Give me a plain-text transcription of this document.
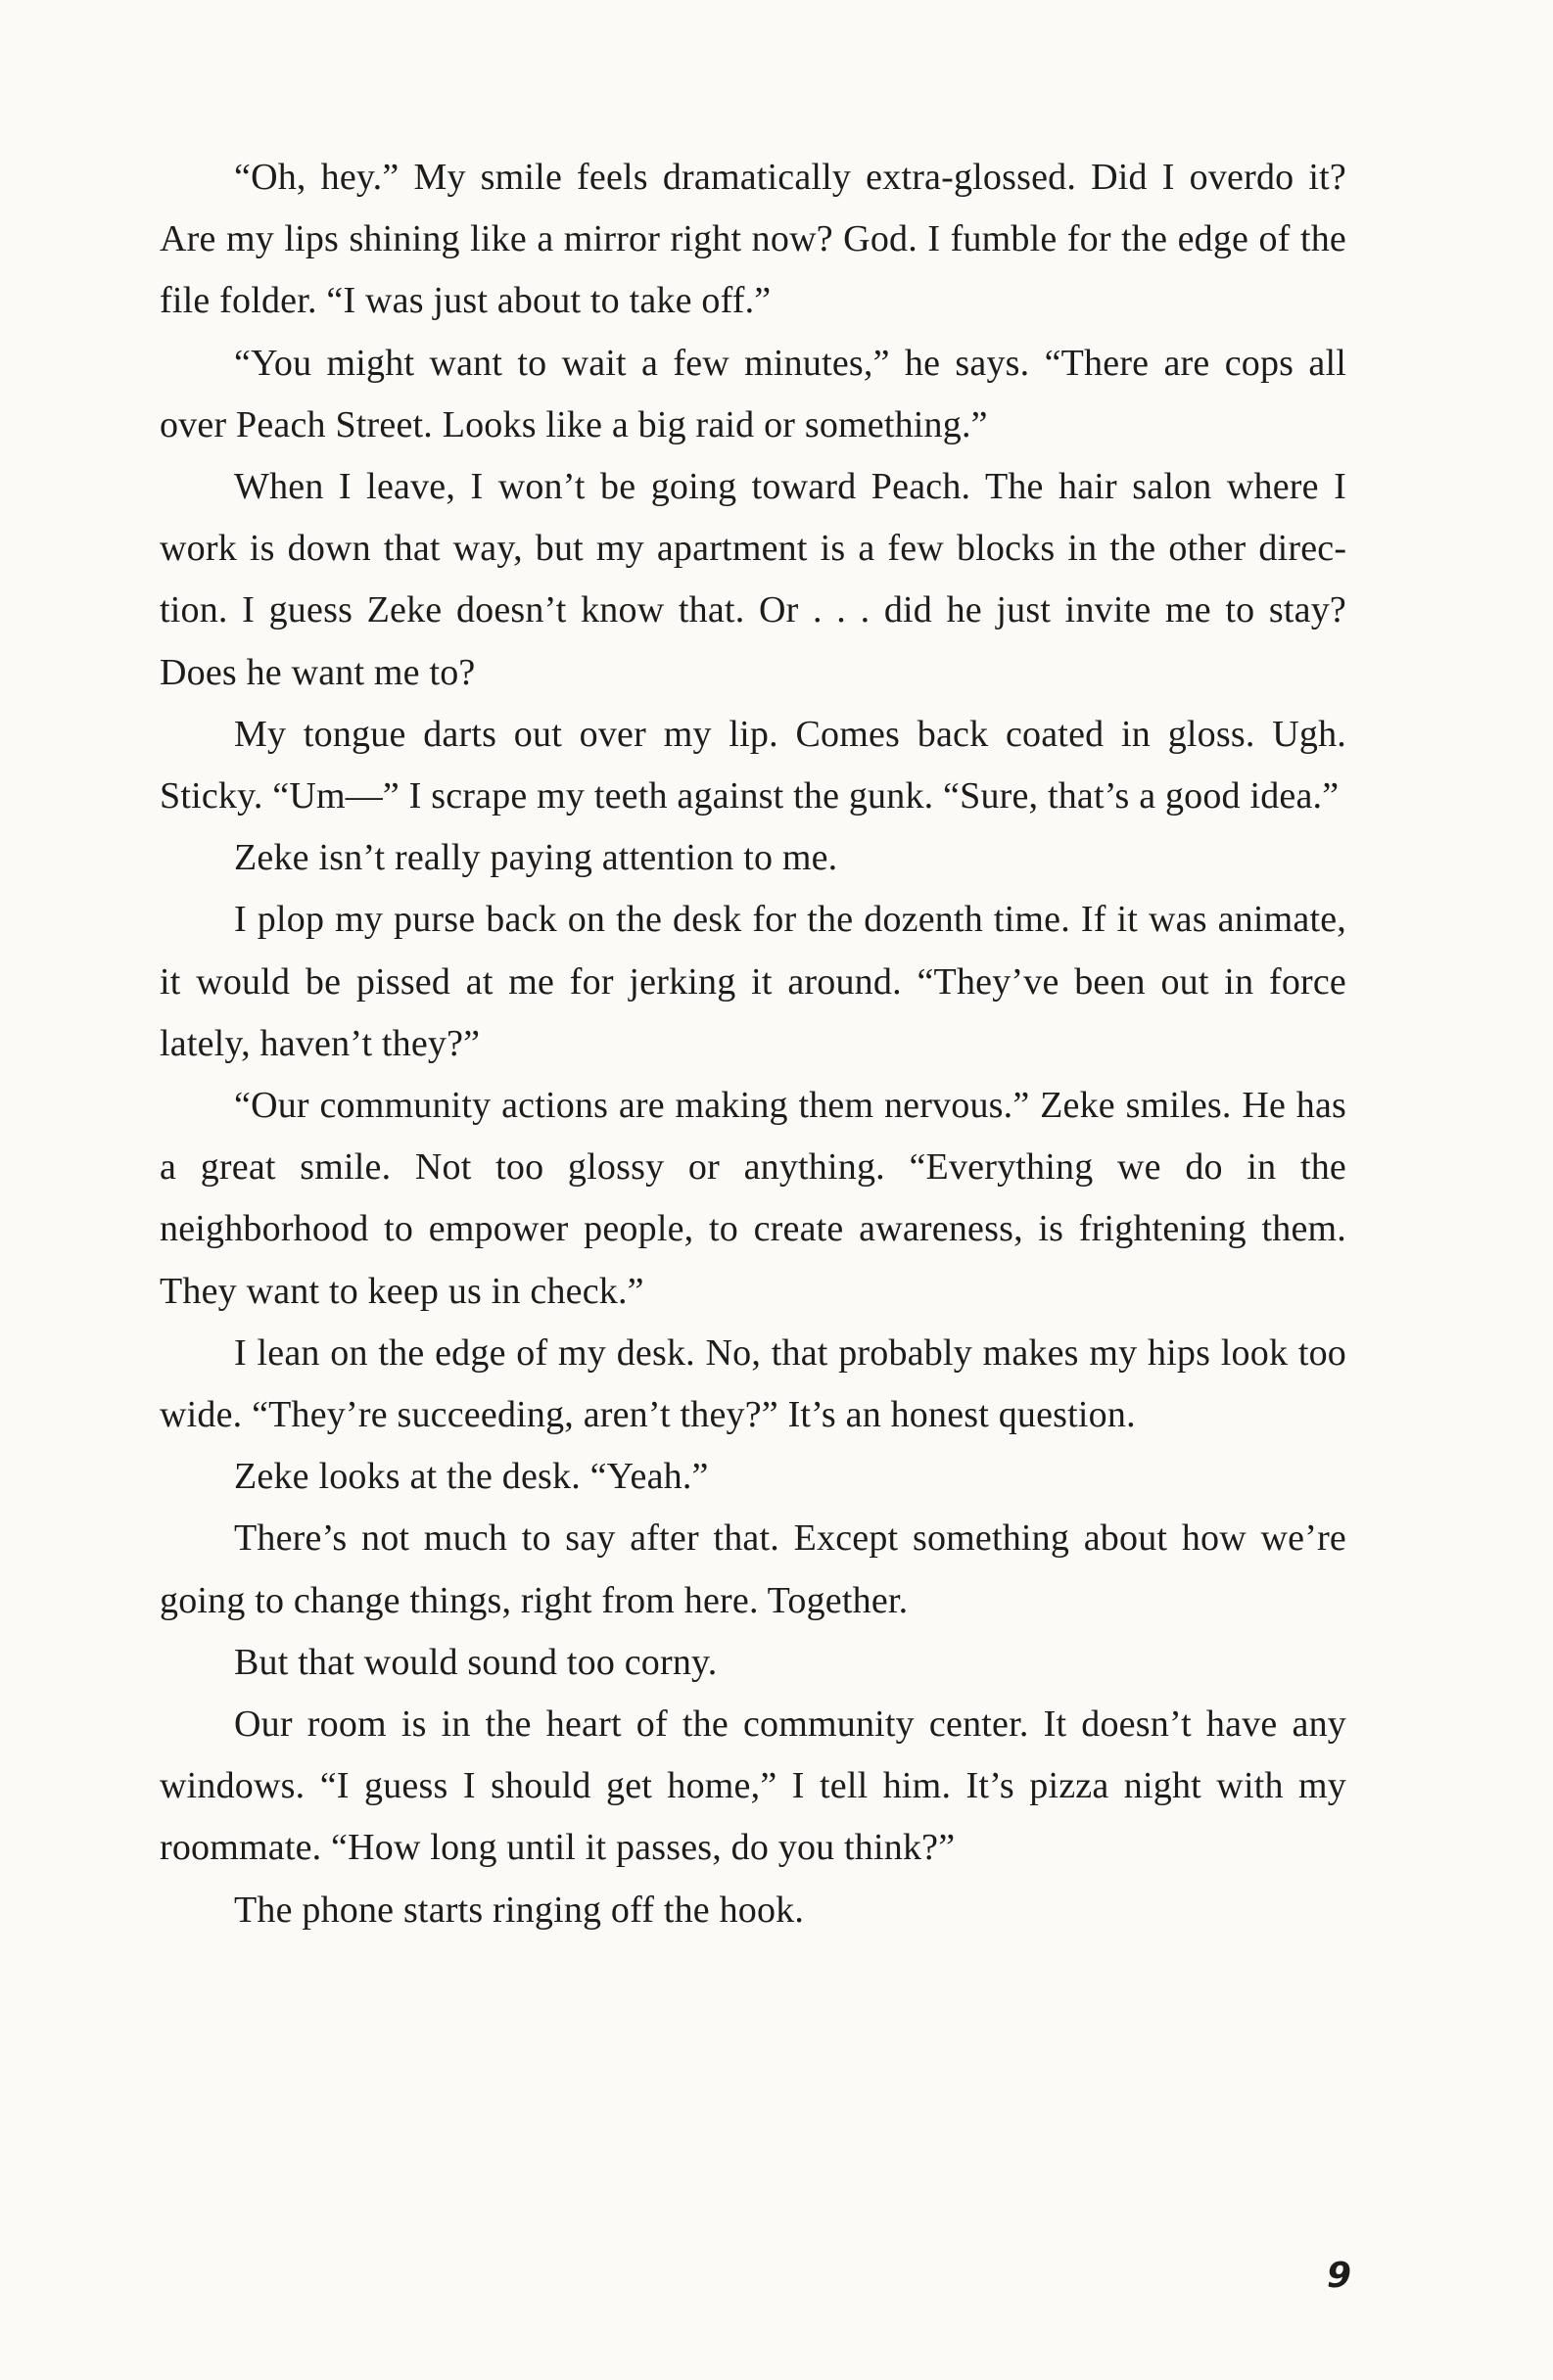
“Oh, hey.” My smile feels dramatically extra-glossed. Did I overdo it? Are my lips shining like a mirror right now? God. I fumble for the edge of the file folder. “I was just about to take off.”

“You might want to wait a few minutes,” he says. “There are cops all over Peach Street. Looks like a big raid or something.”

When I leave, I won’t be going toward Peach. The hair salon where I work is down that way, but my apartment is a few blocks in the other direction. I guess Zeke doesn’t know that. Or . . . did he just invite me to stay? Does he want me to?

My tongue darts out over my lip. Comes back coated in gloss. Ugh. Sticky. “Um—” I scrape my teeth against the gunk. “Sure, that’s a good idea.”

Zeke isn’t really paying attention to me.

I plop my purse back on the desk for the dozenth time. If it was animate, it would be pissed at me for jerking it around. “They’ve been out in force lately, haven’t they?”

“Our community actions are making them nervous.” Zeke smiles. He has a great smile. Not too glossy or anything. “Everything we do in the neighborhood to empower people, to create awareness, is frightening them. They want to keep us in check.”

I lean on the edge of my desk. No, that probably makes my hips look too wide. “They’re succeeding, aren’t they?” It’s an honest question.

Zeke looks at the desk. “Yeah.”

There’s not much to say after that. Except something about how we’re going to change things, right from here. Together.

But that would sound too corny.

Our room is in the heart of the community center. It doesn’t have any windows. “I guess I should get home,” I tell him. It’s pizza night with my roommate. “How long until it passes, do you think?”

The phone starts ringing off the hook.

9
